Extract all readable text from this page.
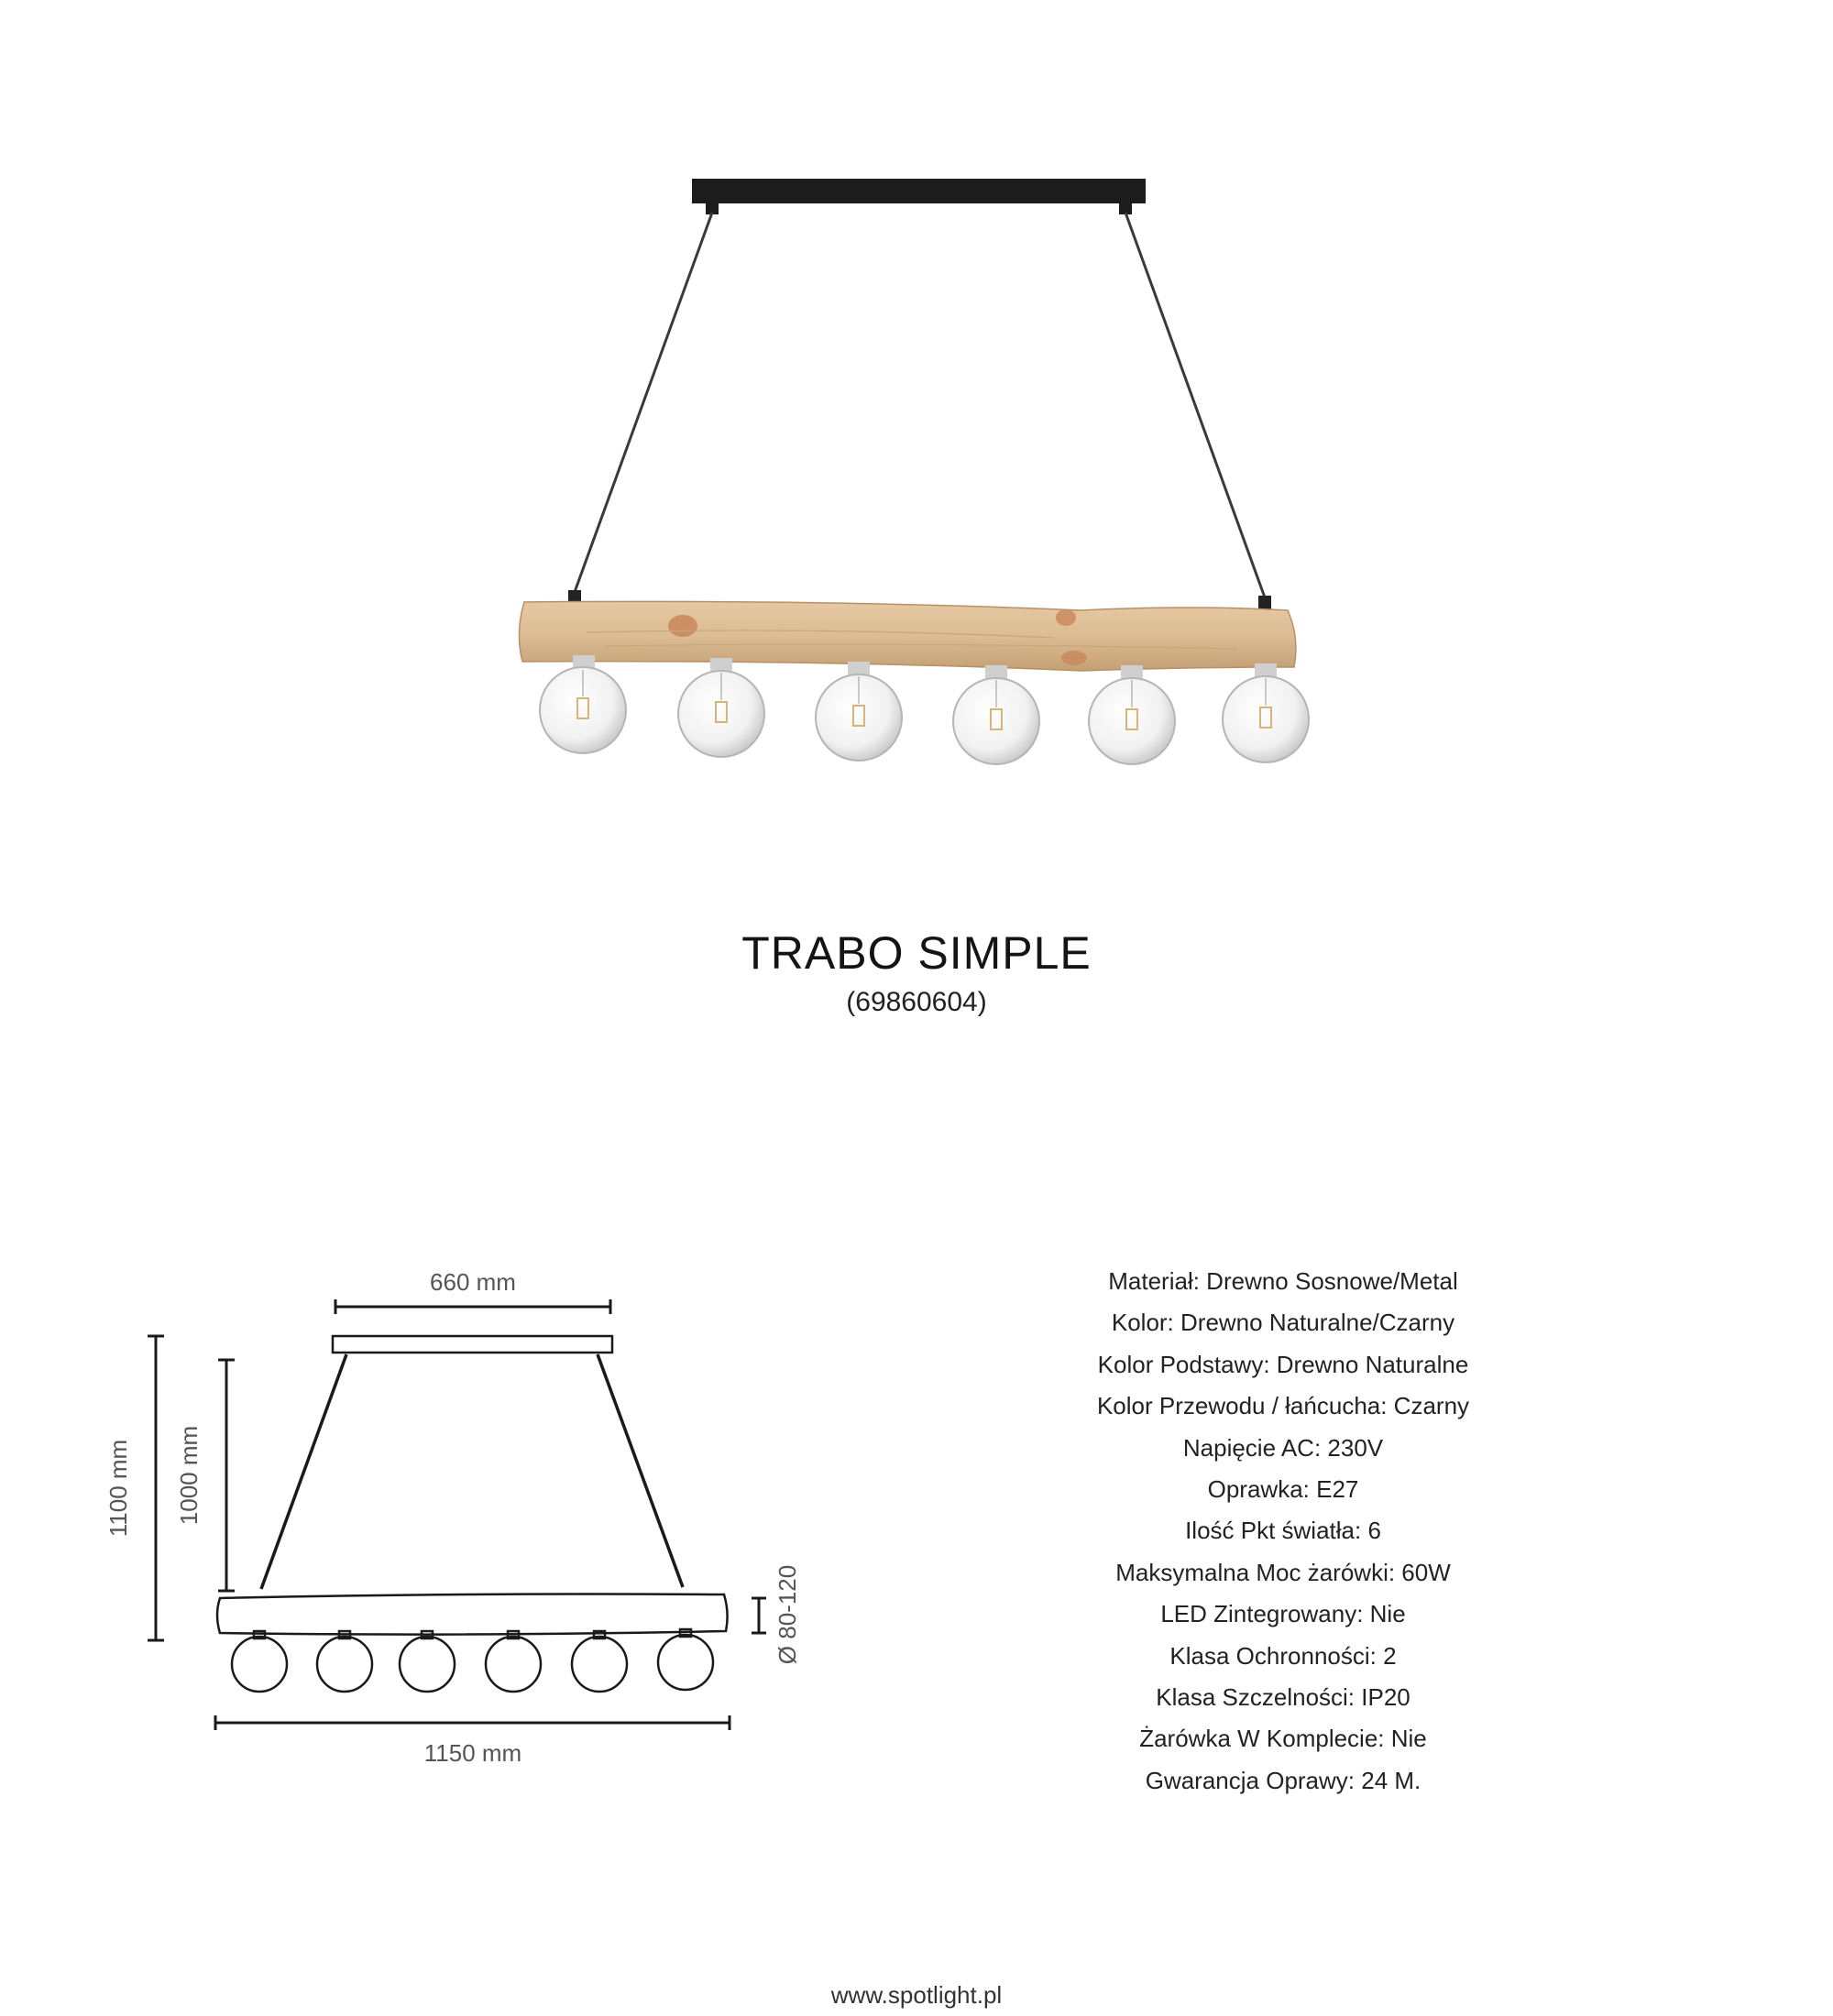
TRABO SIMPLE
(69860604)
660 mm
1100 mm 1000 mm
Ø 80-120
1150 mm
Materiał: Drewno Sosnowe/Metal
Kolor: Drewno Naturalne/Czarny
Kolor Podstawy: Drewno Naturalne
Kolor Przewodu / łańcucha: Czarny
Napięcie AC: 230V
Oprawka: E27
Ilość Pkt światła: 6
Maksymalna Moc żarówki: 60W
LED Zintegrowany: Nie
Klasa Ochronności: 2
Klasa Szczelności: IP20
Żarówka W Komplecie: Nie
Gwarancja Oprawy: 24 M.
www.spotlight.pl
